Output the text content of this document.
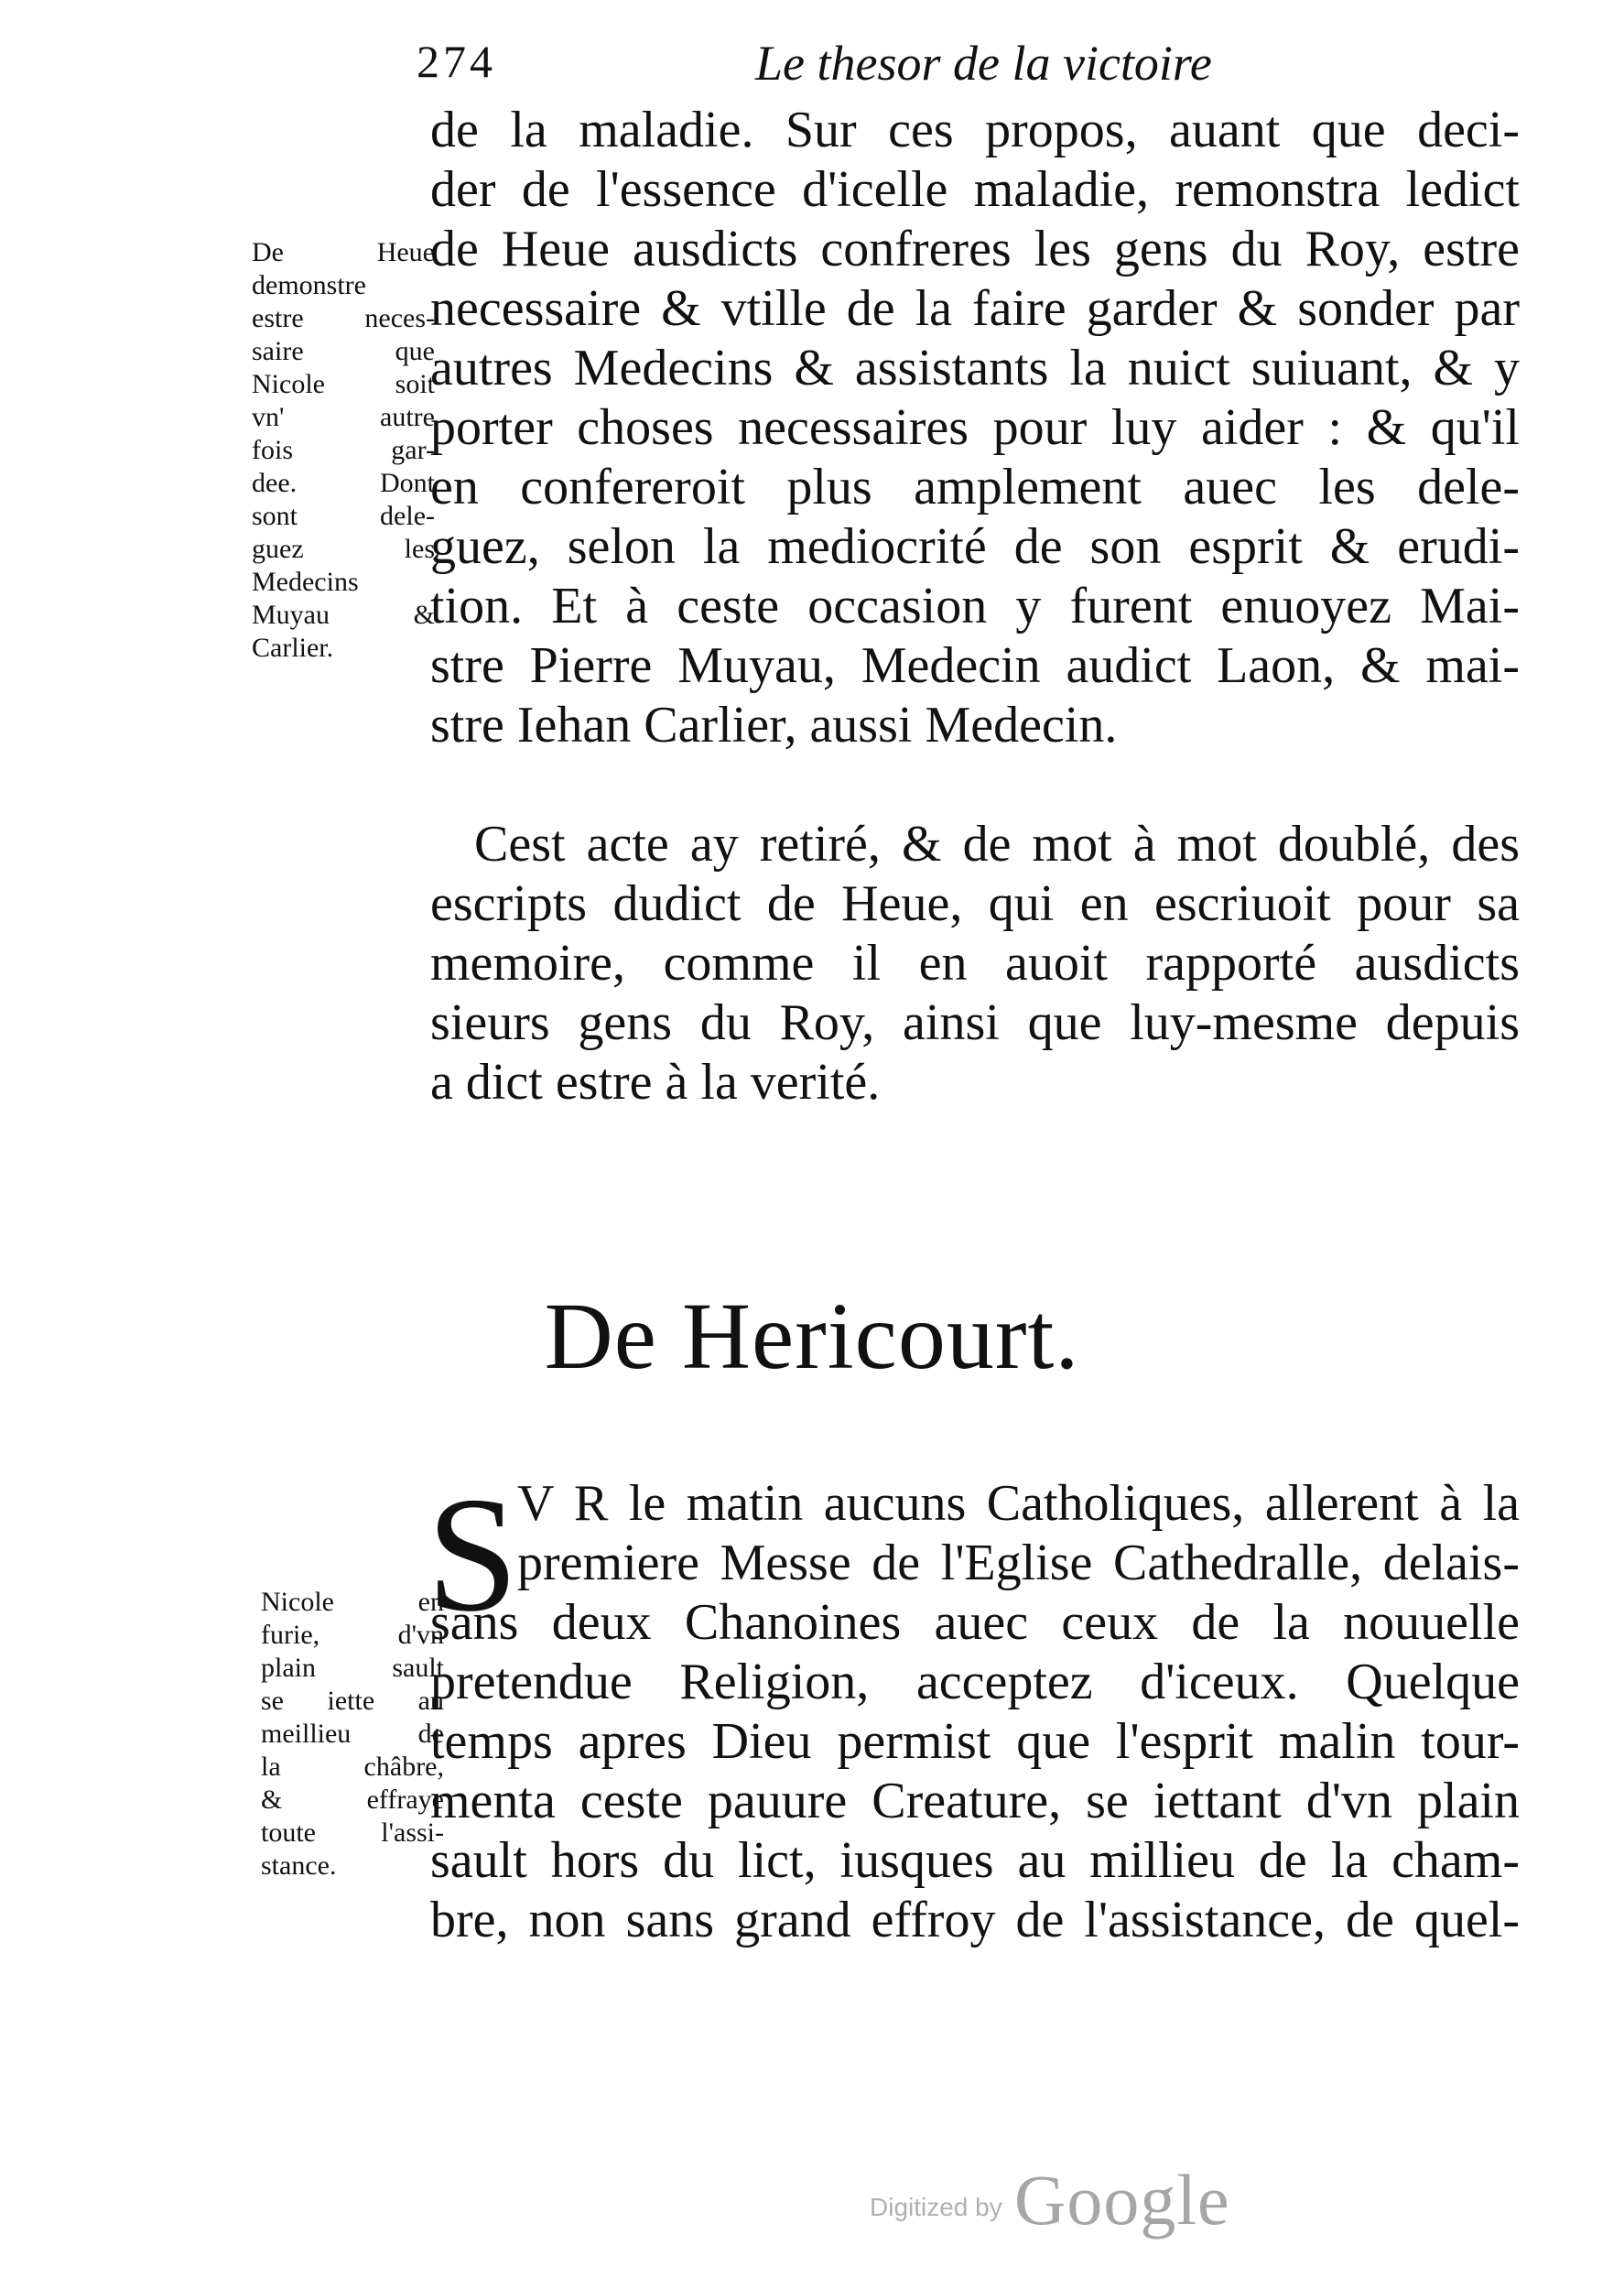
274	Le thesor de la victoire
de la maladie. Sur ces propos, auant que deci-
der de l'essence d'icelle maladie, remonstra ledict
de Heue ausdicts confreres les gens du Roy, estre
necessaire & vtille de la faire garder & sonder par
autres Medecins & assistants la nuict suiuant, & y
porter choses necessaires pour luy aider : & qu'il
en confereroit plus amplement auec les dele-
guez, selon la mediocrité de son esprit & erudi-
tion. Et à ceste occasion y furent enuoyez Mai-
stre Pierre Muyau, Medecin audict Laon, & mai-
stre Iehan Carlier, aussi Medecin.
Cest acte ay retiré, & de mot à mot doublé, des
escripts dudict de Heue, qui en escriuoit pour sa
memoire, comme il en auoit rapporté ausdicts
sieurs gens du Roy, ainsi que luy-mesme depuis
a dict estre à la verité.
De Heue
demonstre
estre neces-
saire que
Nicole soit
vn' autre
fois gar-
dee. Dont
sont dele-
guez les
Medecins
Muyau &
Carlier.
De Hericourt.
S
V R le matin aucuns Catholiques, allerent à la
premiere Messe de l'Eglise Cathedralle, delais-
sans deux Chanoines auec ceux de la nouuelle
pretendue Religion, acceptez d'iceux. Quelque
temps apres Dieu permist que l'esprit malin tour-
menta ceste pauure Creature, se iettant d'vn plain
sault hors du lict, iusques au millieu de la cham-
bre, non sans grand effroy de l'assistance, de quel-
Nicole en
furie, d'vn
plain sault
se iette au
meillieu de
la châbre,
& effraye
toute l'assi-
stance.
Digitized by Google
